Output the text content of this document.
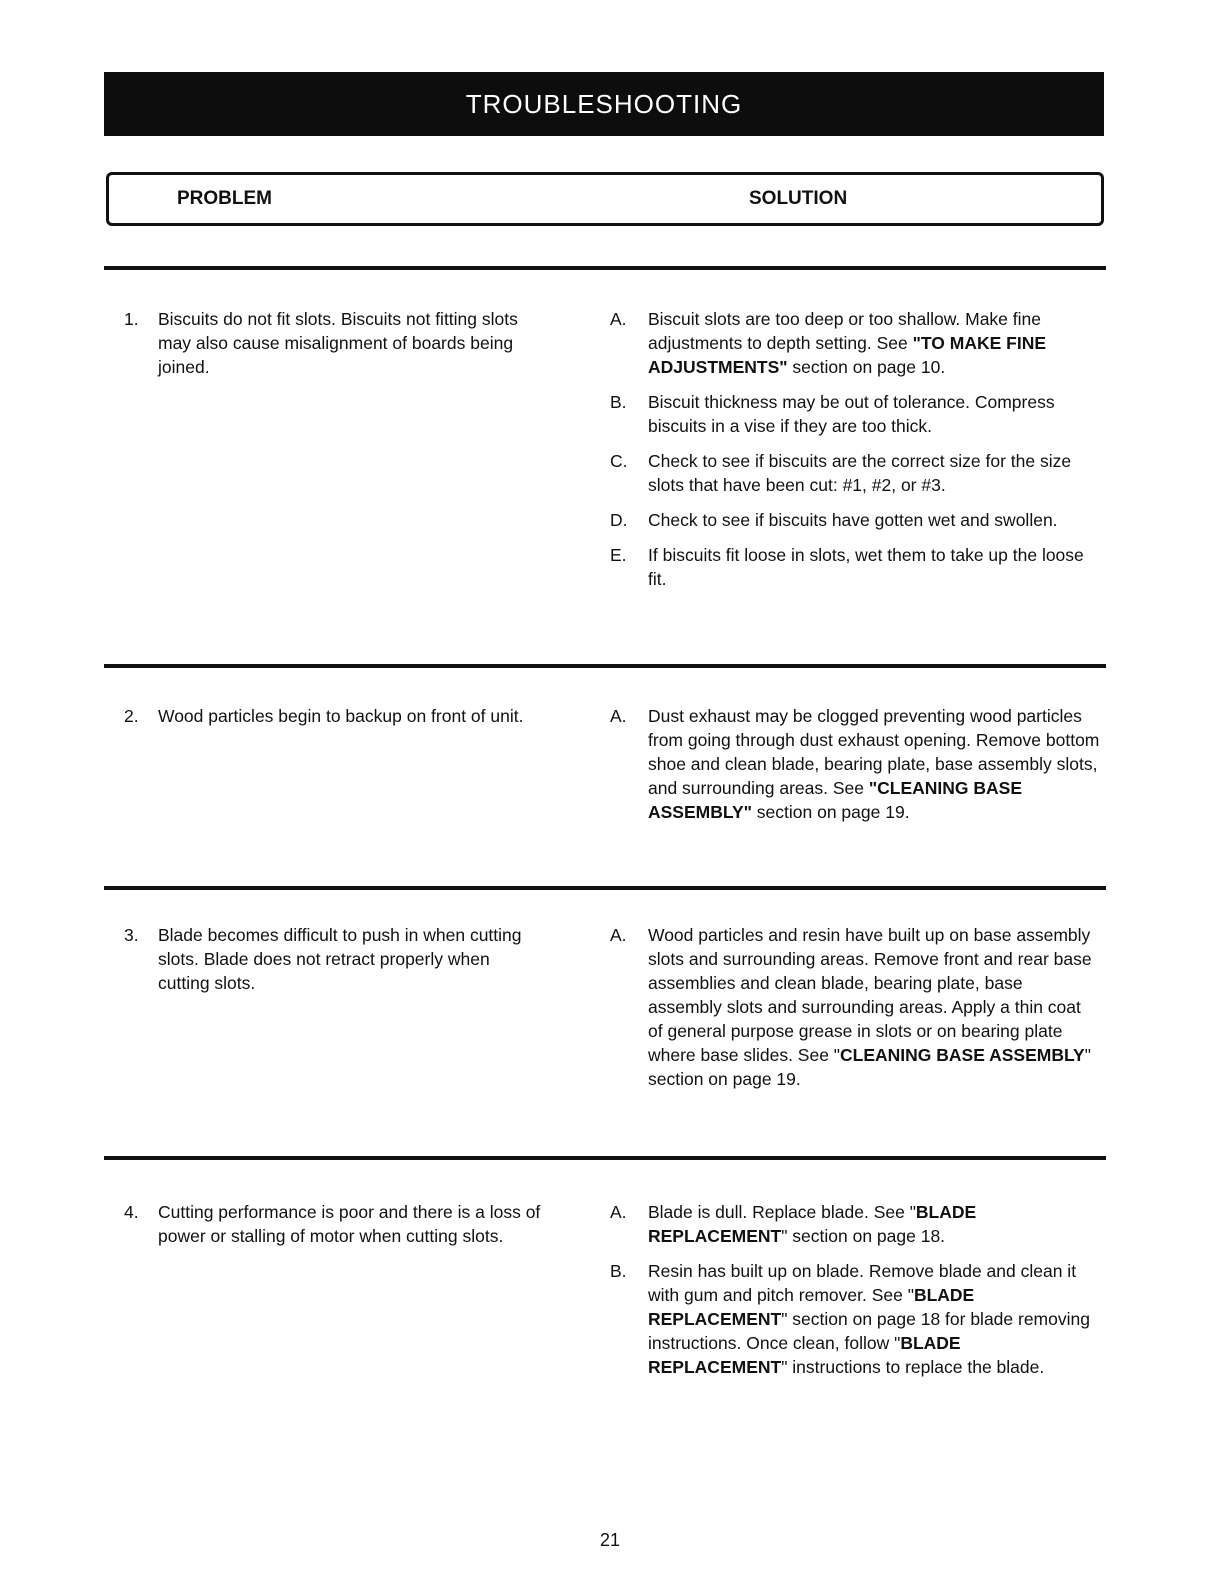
TROUBLESHOOTING
PROBLEM	SOLUTION
1.	Biscuits do not fit slots. Biscuits not fitting slots may also cause misalignment of boards being joined.
A.	Biscuit slots are too deep or too shallow. Make fine adjustments to depth setting. See "TO MAKE FINE ADJUSTMENTS" section on page 10.
B.	Biscuit thickness may be out of tolerance. Compress biscuits in a vise if they are too thick.
C.	Check to see if biscuits are the correct size for the size slots that have been cut: #1, #2, or #3.
D.	Check to see if biscuits have gotten wet and swollen.
E.	If biscuits fit loose in slots, wet them to take up the loose fit.
2.	Wood particles begin to backup on front of unit.	A.	Dust exhaust may be clogged preventing wood particles from going through dust exhaust opening. Remove bottom shoe and clean blade, bearing plate, base assembly slots, and surrounding areas. See "CLEANING BASE ASSEMBLY" section on page 19.
3.	Blade becomes difficult to push in when cutting slots. Blade does not retract properly when cutting slots.
A.	Wood particles and resin have built up on base assembly slots and surrounding areas. Remove front and rear base assemblies and clean blade, bearing plate, base assembly slots and surrounding areas. Apply a thin coat of general purpose grease in slots or on bearing plate where base slides. See "CLEANING BASE ASSEMBLY" section on page 19.
4.	Cutting performance is poor and there is a loss of power or stalling of motor when cutting slots.
A.	Blade is dull. Replace blade. See "BLADE REPLACEMENT" section on page 18.
B.	Resin has built up on blade. Remove blade and clean it with gum and pitch remover. See "BLADE REPLACEMENT" section on page 18 for blade removing instructions. Once clean, follow "BLADE REPLACEMENT" instructions to replace the blade.
21
